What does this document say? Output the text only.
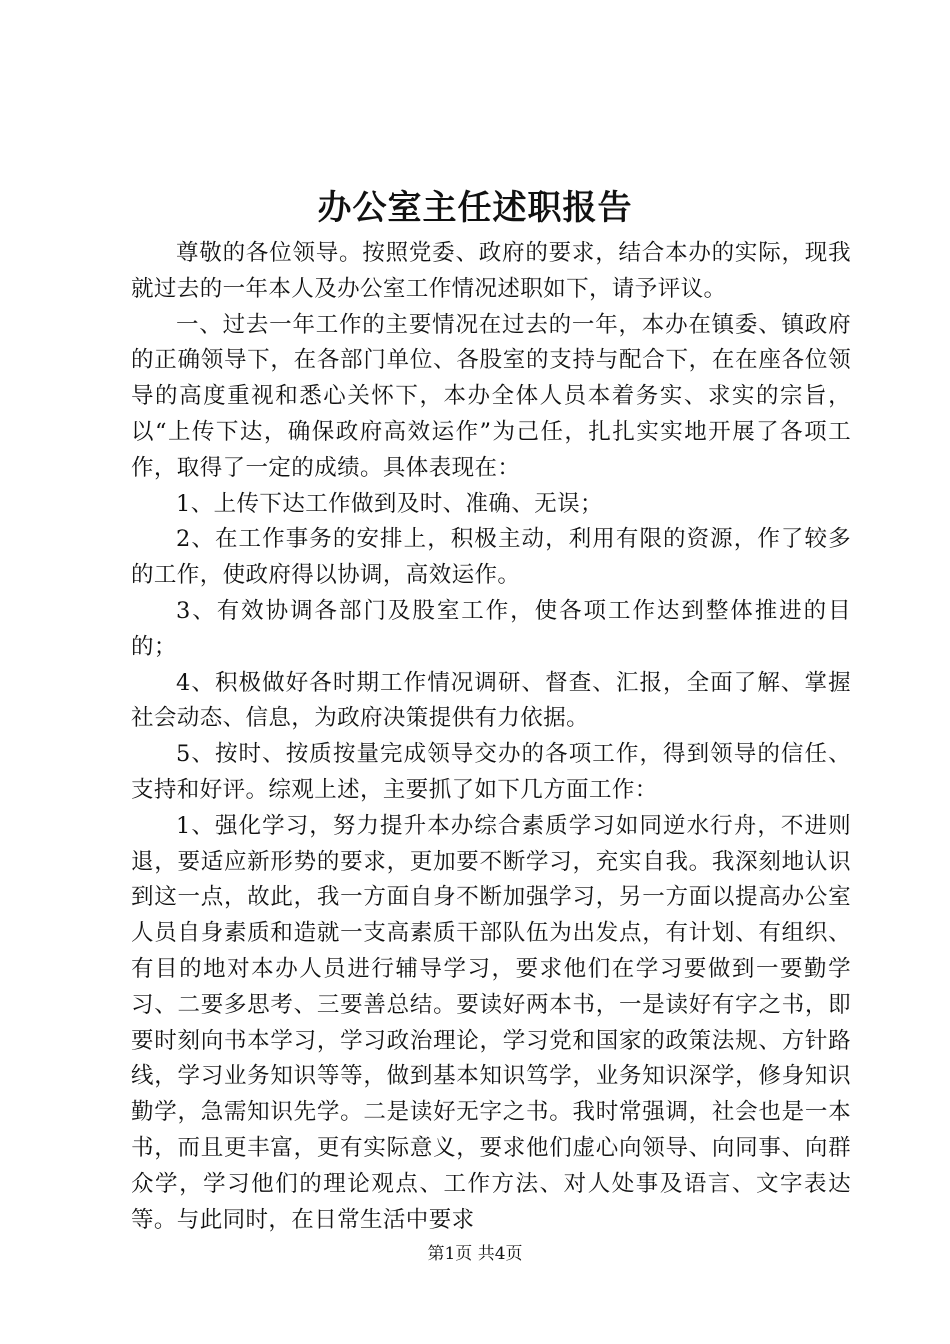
办公室主任述职报告

尊敬的各位领导。按照党委、政府的要求，结合本办的实际，现我就过去的一年本人及办公室工作情况述职如下，请予评议。

一、过去一年工作的主要情况在过去的一年，本办在镇委、镇政府的正确领导下，在各部门单位、各股室的支持与配合下，在在座各位领导的高度重视和悉心关怀下，本办全体人员本着务实、求实的宗旨，以“上传下达，确保政府高效运作”为己任，扎扎实实地开展了各项工作，取得了一定的成绩。具体表现在：

1、上传下达工作做到及时、准确、无误；

2、在工作事务的安排上，积极主动，利用有限的资源，作了较多的工作，使政府得以协调，高效运作。

3、有效协调各部门及股室工作，使各项工作达到整体推进的目的；

4、积极做好各时期工作情况调研、督查、汇报，全面了解、掌握社会动态、信息，为政府决策提供有力依据。

5、按时、按质按量完成领导交办的各项工作，得到领导的信任、支持和好评。综观上述，主要抓了如下几方面工作：

1、强化学习，努力提升本办综合素质学习如同逆水行舟，不进则退，要适应新形势的要求，更加要不断学习，充实自我。我深刻地认识到这一点，故此，我一方面自身不断加强学习，另一方面以提高办公室人员自身素质和造就一支高素质干部队伍为出发点，有计划、有组织、有目的地对本办人员进行辅导学习，要求他们在学习要做到一要勤学习、二要多思考、三要善总结。要读好两本书，一是读好有字之书，即要时刻向书本学习，学习政治理论，学习党和国家的政策法规、方针路线，学习业务知识等等，做到基本知识笃学，业务知识深学，修身知识勤学，急需知识先学。二是读好无字之书。我时常强调，社会也是一本书，而且更丰富，更有实际意义，要求他们虚心向领导、向同事、向群众学，学习他们的理论观点、工作方法、对人处事及语言、文字表达等。与此同时，在日常生活中要求

第1页 共4页
